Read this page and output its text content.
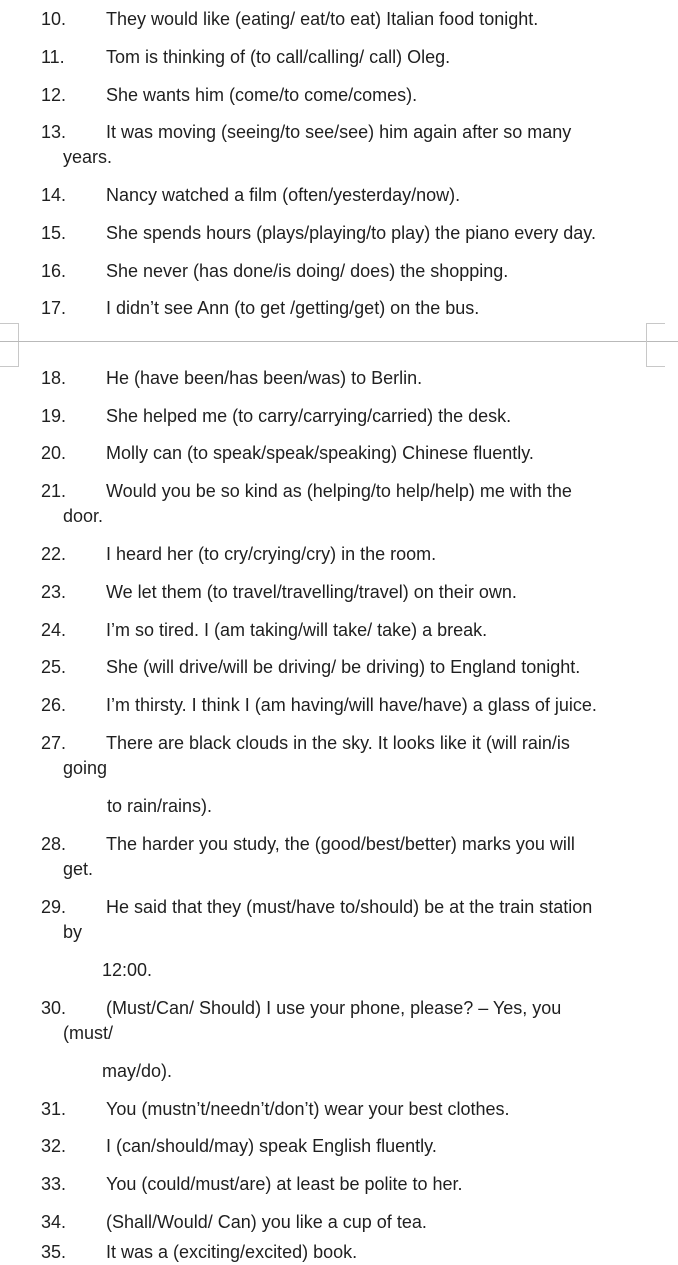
10. They would like (eating/ eat/to eat) Italian food tonight.
11. Tom is thinking of (to call/calling/ call) Oleg.
12. She wants him (come/to come/comes).
13. It was moving (seeing/to see/see) him again after so many
years.
14. Nancy watched a film (often/yesterday/now).
15. She spends hours (plays/playing/to play) the piano every day.
16. She never (has done/is doing/ does) the shopping.
17. I didn’t see Ann (to get /getting/get) on the bus.
18. He (have been/has been/was) to Berlin.
19. She helped me (to carry/carrying/carried) the desk.
20. Molly can (to speak/speak/speaking) Chinese fluently.
21. Would you be so kind as (helping/to help/help) me with the
door.
22. I heard her (to cry/crying/cry) in the room.
23. We let them (to travel/travelling/travel) on their own.
24. I’m so tired. I (am taking/will take/ take) a break.
25. She (will drive/will be driving/ be driving) to England tonight.
26. I’m thirsty. I think I (am having/will have/have) a glass of juice.
27. There are black clouds in the sky. It looks like it (will rain/is
going
to rain/rains).
28. The harder you study, the (good/best/better) marks you will
get.
29. He said that they (must/have to/should) be at the train station
by
12:00.
30. (Must/Can/ Should) I use your phone, please? – Yes, you
(must/
may/do).
31. You (mustn’t/needn’t/don’t) wear your best clothes.
32. I (can/should/may) speak English fluently.
33. You (could/must/are) at least be polite to her.
34. (Shall/Would/ Can) you like a cup of tea.
35. It was a (exciting/excited) book.
